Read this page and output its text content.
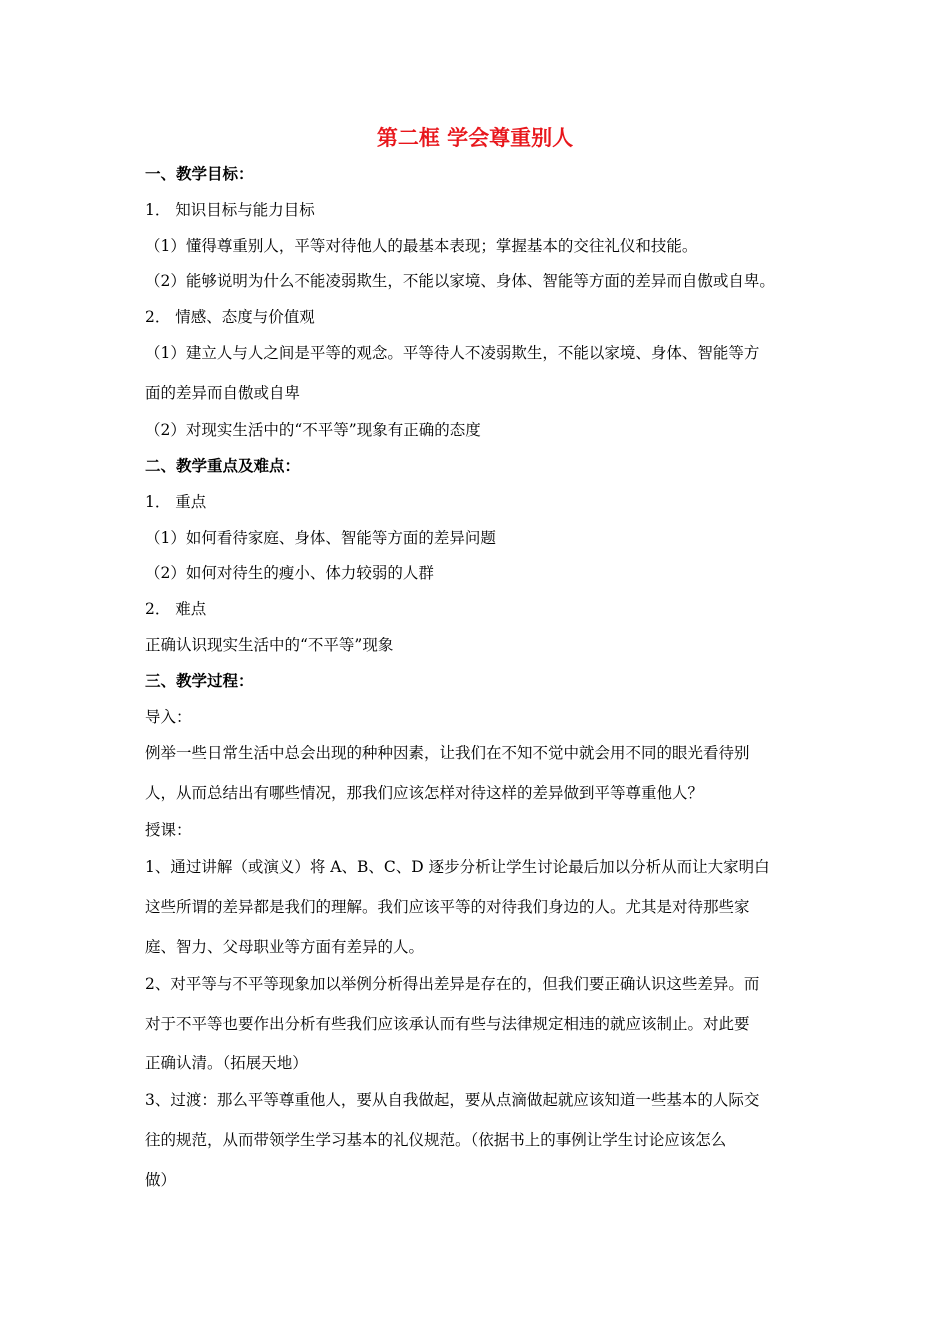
第二框 学会尊重别人
一、教学目标：
1． 知识目标与能力目标
（1）懂得尊重别人，平等对待他人的最基本表现；掌握基本的交往礼仪和技能。
（2）能够说明为什么不能凌弱欺生，不能以家境、身体、智能等方面的差异而自傲或自卑。
2． 情感、态度与价值观
（1）建立人与人之间是平等的观念。平等待人不凌弱欺生，不能以家境、身体、智能等方
面的差异而自傲或自卑
（2）对现实生活中的“不平等”现象有正确的态度
二、教学重点及难点：
1． 重点
（1）如何看待家庭、身体、智能等方面的差异问题
（2）如何对待生的瘦小、体力较弱的人群
2． 难点
正确认识现实生活中的“不平等”现象
三、教学过程：
导入：
例举一些日常生活中总会出现的种种因素，让我们在不知不觉中就会用不同的眼光看待别
人，从而总结出有哪些情况，那我们应该怎样对待这样的差异做到平等尊重他人？
授课：
1、通过讲解（或演义）将 A、B、C、D 逐步分析让学生讨论最后加以分析从而让大家明白
这些所谓的差异都是我们的理解。我们应该平等的对待我们身边的人。尤其是对待那些家
庭、智力、父母职业等方面有差异的人。
2、对平等与不平等现象加以举例分析得出差异是存在的，但我们要正确认识这些差异。而
对于不平等也要作出分析有些我们应该承认而有些与法律规定相违的就应该制止。对此要
正确认清。（拓展天地）
3、过渡：那么平等尊重他人，要从自我做起，要从点滴做起就应该知道一些基本的人际交
往的规范，从而带领学生学习基本的礼仪规范。（依据书上的事例让学生讨论应该怎么
做）
